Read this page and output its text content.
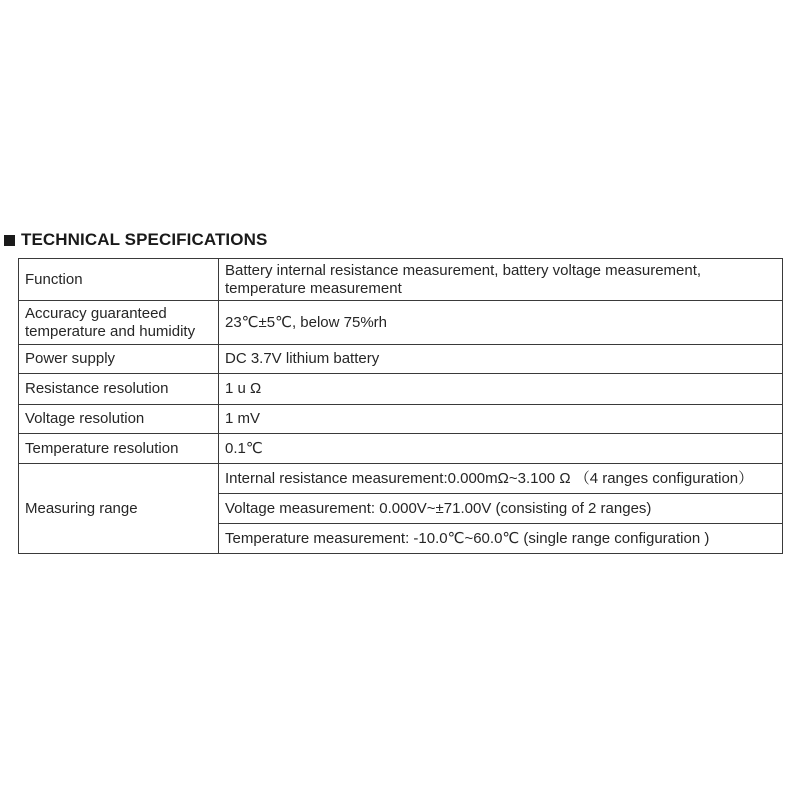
TECHNICAL SPECIFICATIONS
Function	Battery internal resistance measurement, battery voltage measurement, temperature measurement
Accuracy guaranteed temperature and humidity	23℃±5℃, below 75%rh
Power supply	DC 3.7V lithium battery
Resistance resolution	1 u Ω
Voltage resolution	1 mV
Temperature resolution	0.1℃
Measuring range	Internal resistance measurement:0.000mΩ~3.100 Ω （4 ranges configuration）
	Voltage measurement: 0.000V~±71.00V (consisting of 2 ranges)
	Temperature measurement: -10.0℃~60.0℃ (single range configuration )
